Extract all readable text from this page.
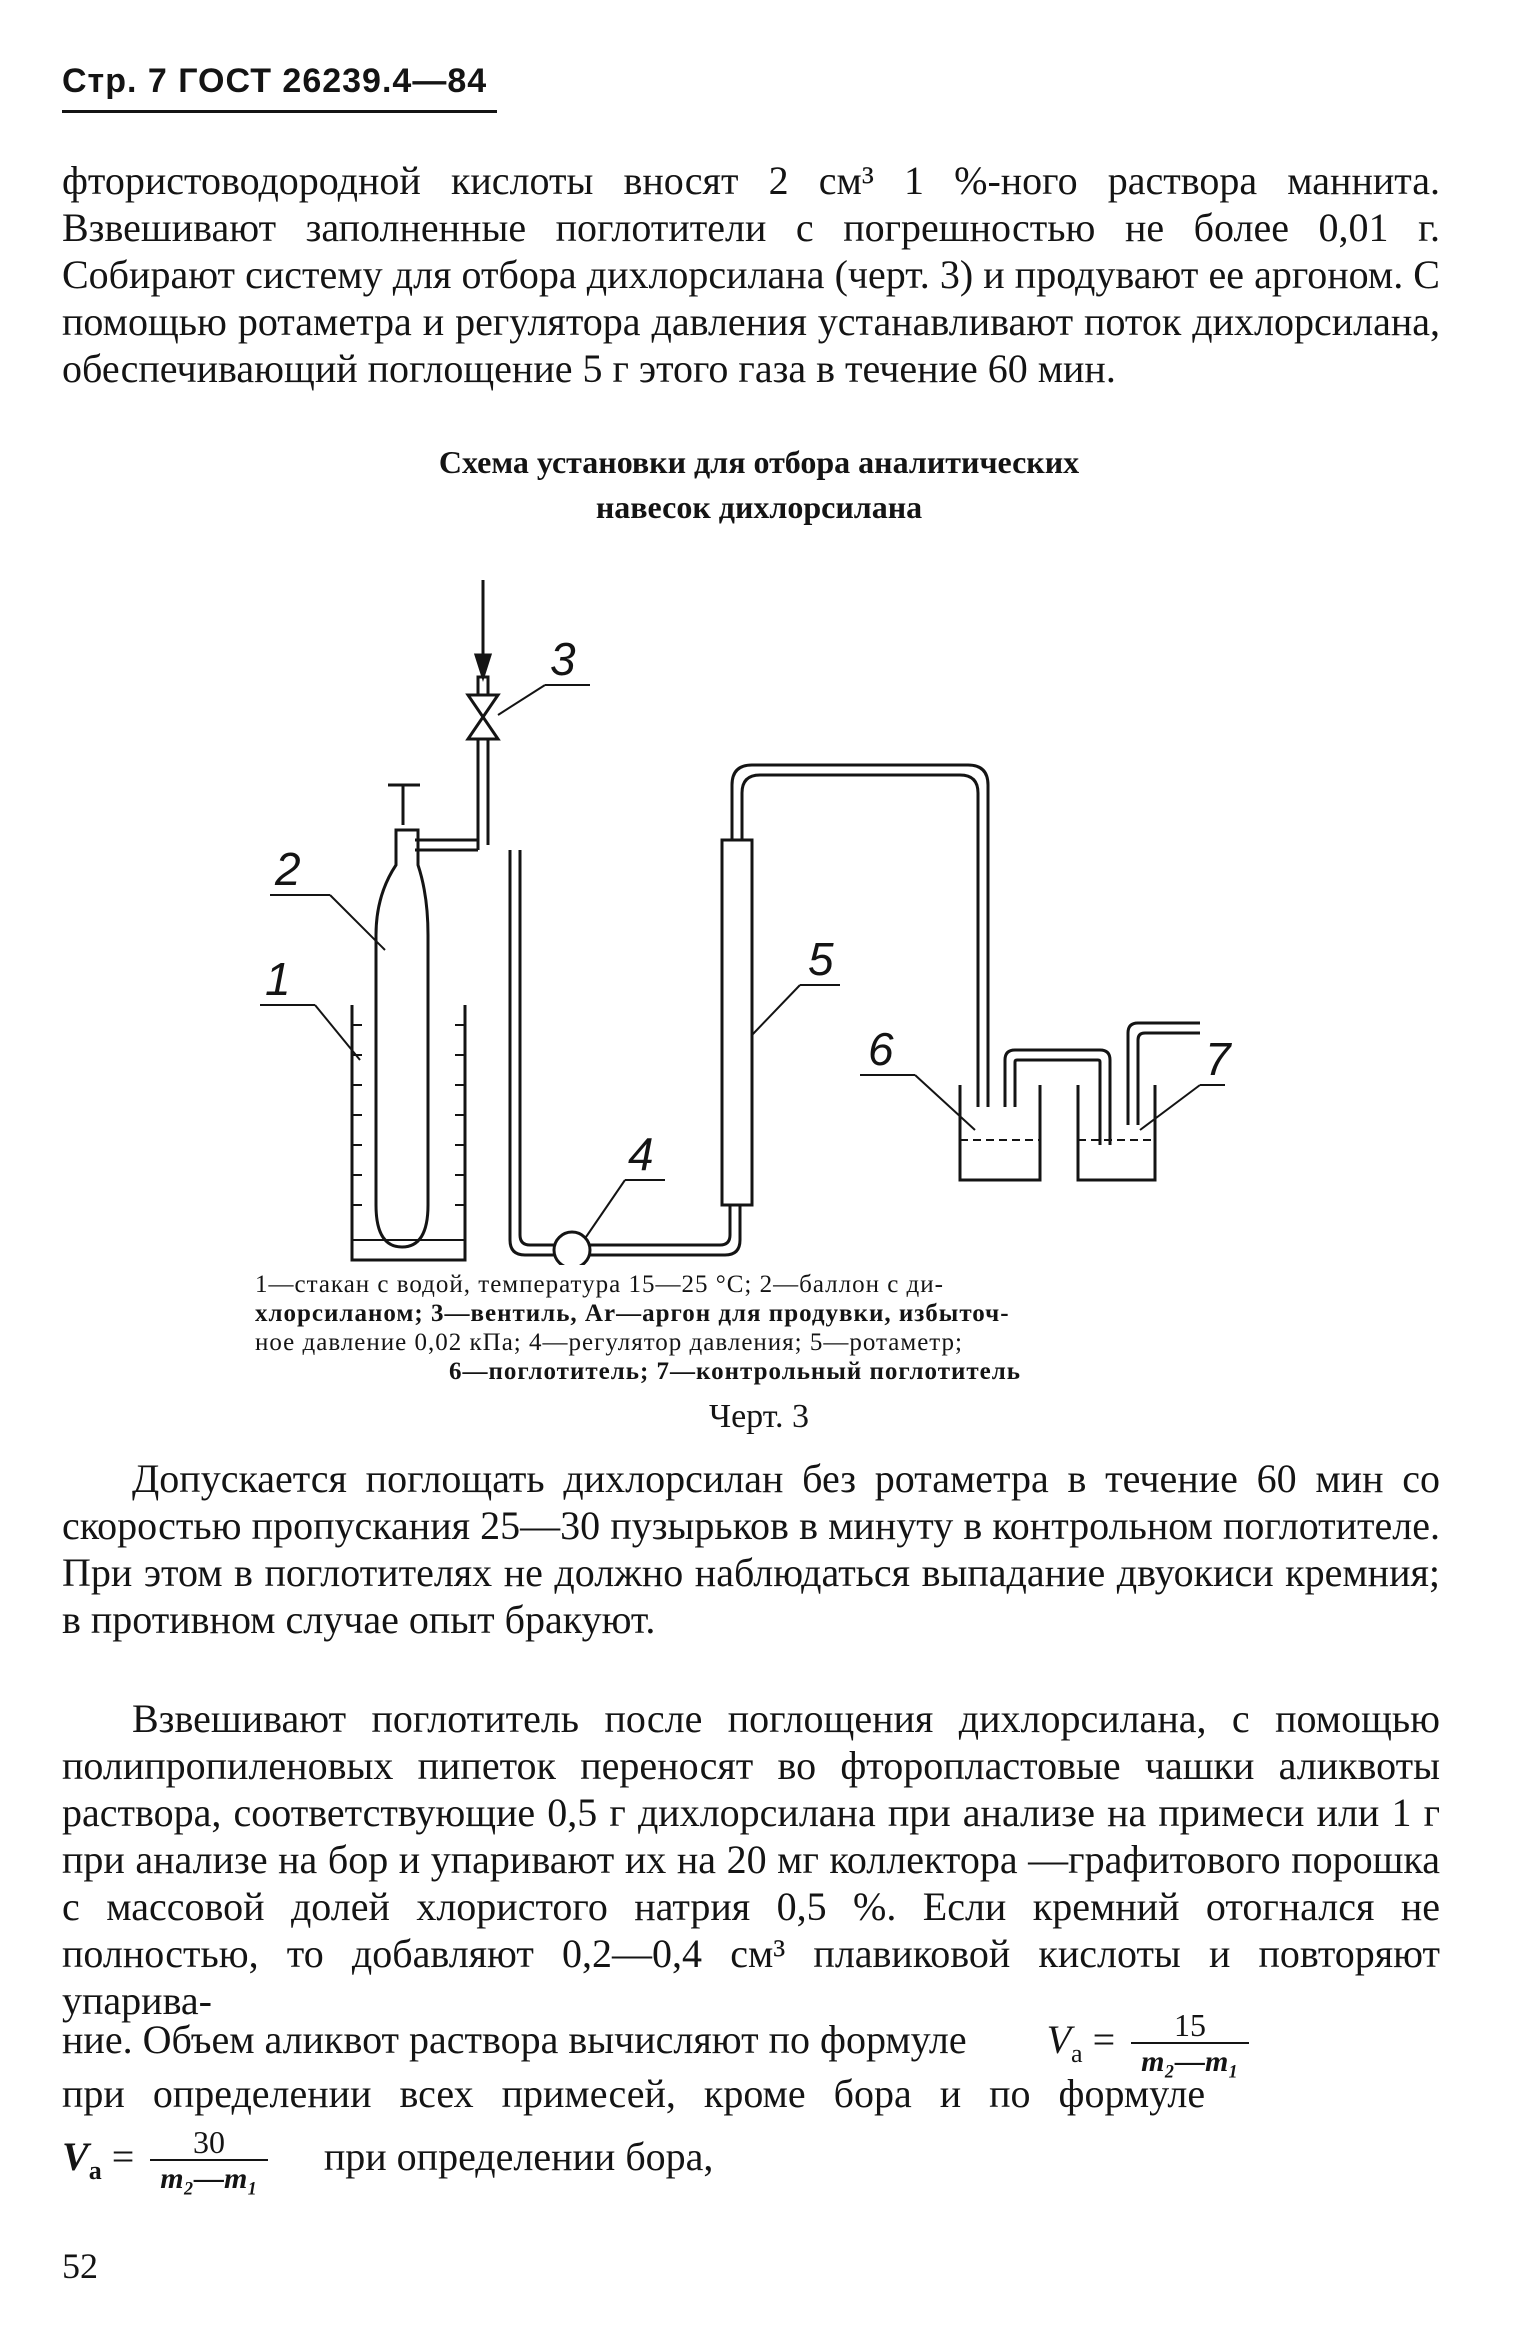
Стр. 7 ГОСТ 26239.4—84

фтористоводородной кислоты вносят 2 см³ 1 %-ного раствора маннита. Взвешивают заполненные поглотители с погрешностью не более 0,01 г. Собирают систему для отбора дихлорсилана (черт. 3) и продувают ее аргоном. С помощью ротаметра и регулятора давления устанавливают поток дихлорсилана, обеспечивающий поглощение 5 г этого газа в течение 60 мин.

Схема установки для отбора аналитических
навесок дихлорсилана
3
2
1
4
5
6	7
1—стакан с водой, температура 15—25 °С; 2—баллон с ди-
хлорсиланом; 3—вентиль, Ar—аргон для продувки, избыточ-
ное давление 0,02 кПа; 4—регулятор давления; 5—ротаметр;
6—поглотитель; 7—контрольный поглотитель
Черт. 3

Допускается поглощать дихлорсилан без ротаметра в течение 60 мин со скоростью пропускания 25—30 пузырьков в минуту в контрольном поглотителе. При этом в поглотителях не должно наблюдаться выпадание двуокиси кремния; в противном случае опыт бракуют.

Взвешивают поглотитель после поглощения дихлорсилана, с помощью полипропиленовых пипеток переносят во фторопластовые чашки аликвоты раствора, соответствующие 0,5 г дихлорсилана при анализе на примеси или 1 г при анализе на бор и упаривают их на 20 мг коллектора —графитового порошка с массовой долей хлористого натрия 0,5 %. Если кремний отогнался не полностью, то добавляют 0,2—0,4 см³ плавиковой кислоты и повторяют упарива-

ние. Объем аликвот раствора вычисляют по формуле $V_a = \frac{15}{\text{m₂—m₁}}$
при определении всех примесей, кроме бора и по формуле
$V_a = \frac{30}{\text{m₂—m₁}}$ при определении бора,
52
